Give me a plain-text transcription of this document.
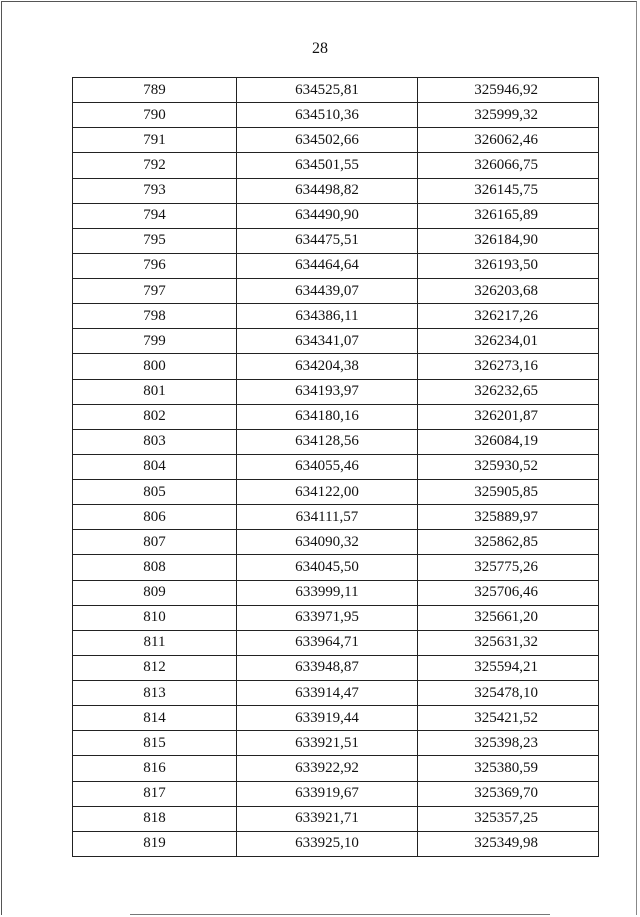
28
789	634525,81	325946,92
790	634510,36	325999,32
791	634502,66	326062,46
792	634501,55	326066,75
793	634498,82	326145,75
794	634490,90	326165,89
795	634475,51	326184,90
796	634464,64	326193,50
797	634439,07	326203,68
798	634386,11	326217,26
799	634341,07	326234,01
800	634204,38	326273,16
801	634193,97	326232,65
802	634180,16	326201,87
803	634128,56	326084,19
804	634055,46	325930,52
805	634122,00	325905,85
806	634111,57	325889,97
807	634090,32	325862,85
808	634045,50	325775,26
809	633999,11	325706,46
810	633971,95	325661,20
811	633964,71	325631,32
812	633948,87	325594,21
813	633914,47	325478,10
814	633919,44	325421,52
815	633921,51	325398,23
816	633922,92	325380,59
817	633919,67	325369,70
818	633921,71	325357,25
819	633925,10	325349,98
